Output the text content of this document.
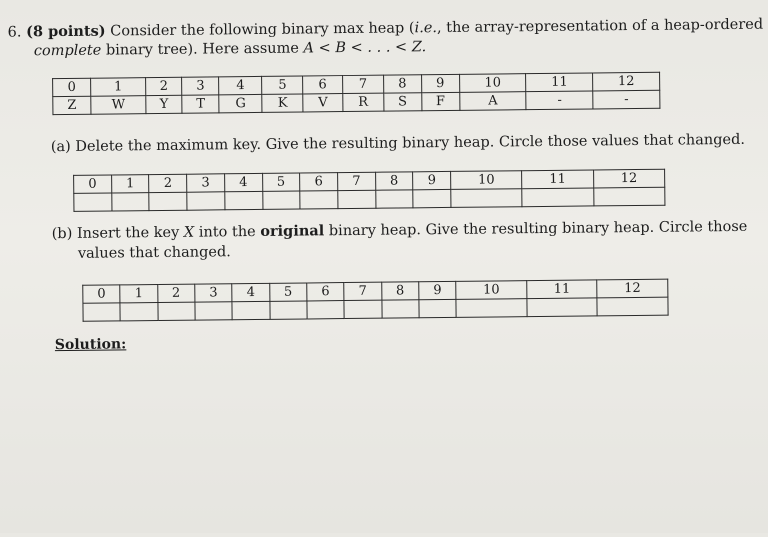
6. (8 points) Consider the following binary max heap (i.e., the array-representation of a heap-ordered
complete binary tree). Here assume A < B < . . . < Z.
0	1	2	3	4	5	6	7	8	9	10	11	12
Z	W	Y	T	G	K	V	R	S	F	A	-	-
(a) Delete the maximum key. Give the resulting binary heap. Circle those values that changed.
0	1	2	3	4	5	6	7	8	9	10	11	12

(b) Insert the key X into the original binary heap. Give the resulting binary heap. Circle those
values that changed.
0	1	2	3	4	5	6	7	8	9	10	11	12

Solution:
